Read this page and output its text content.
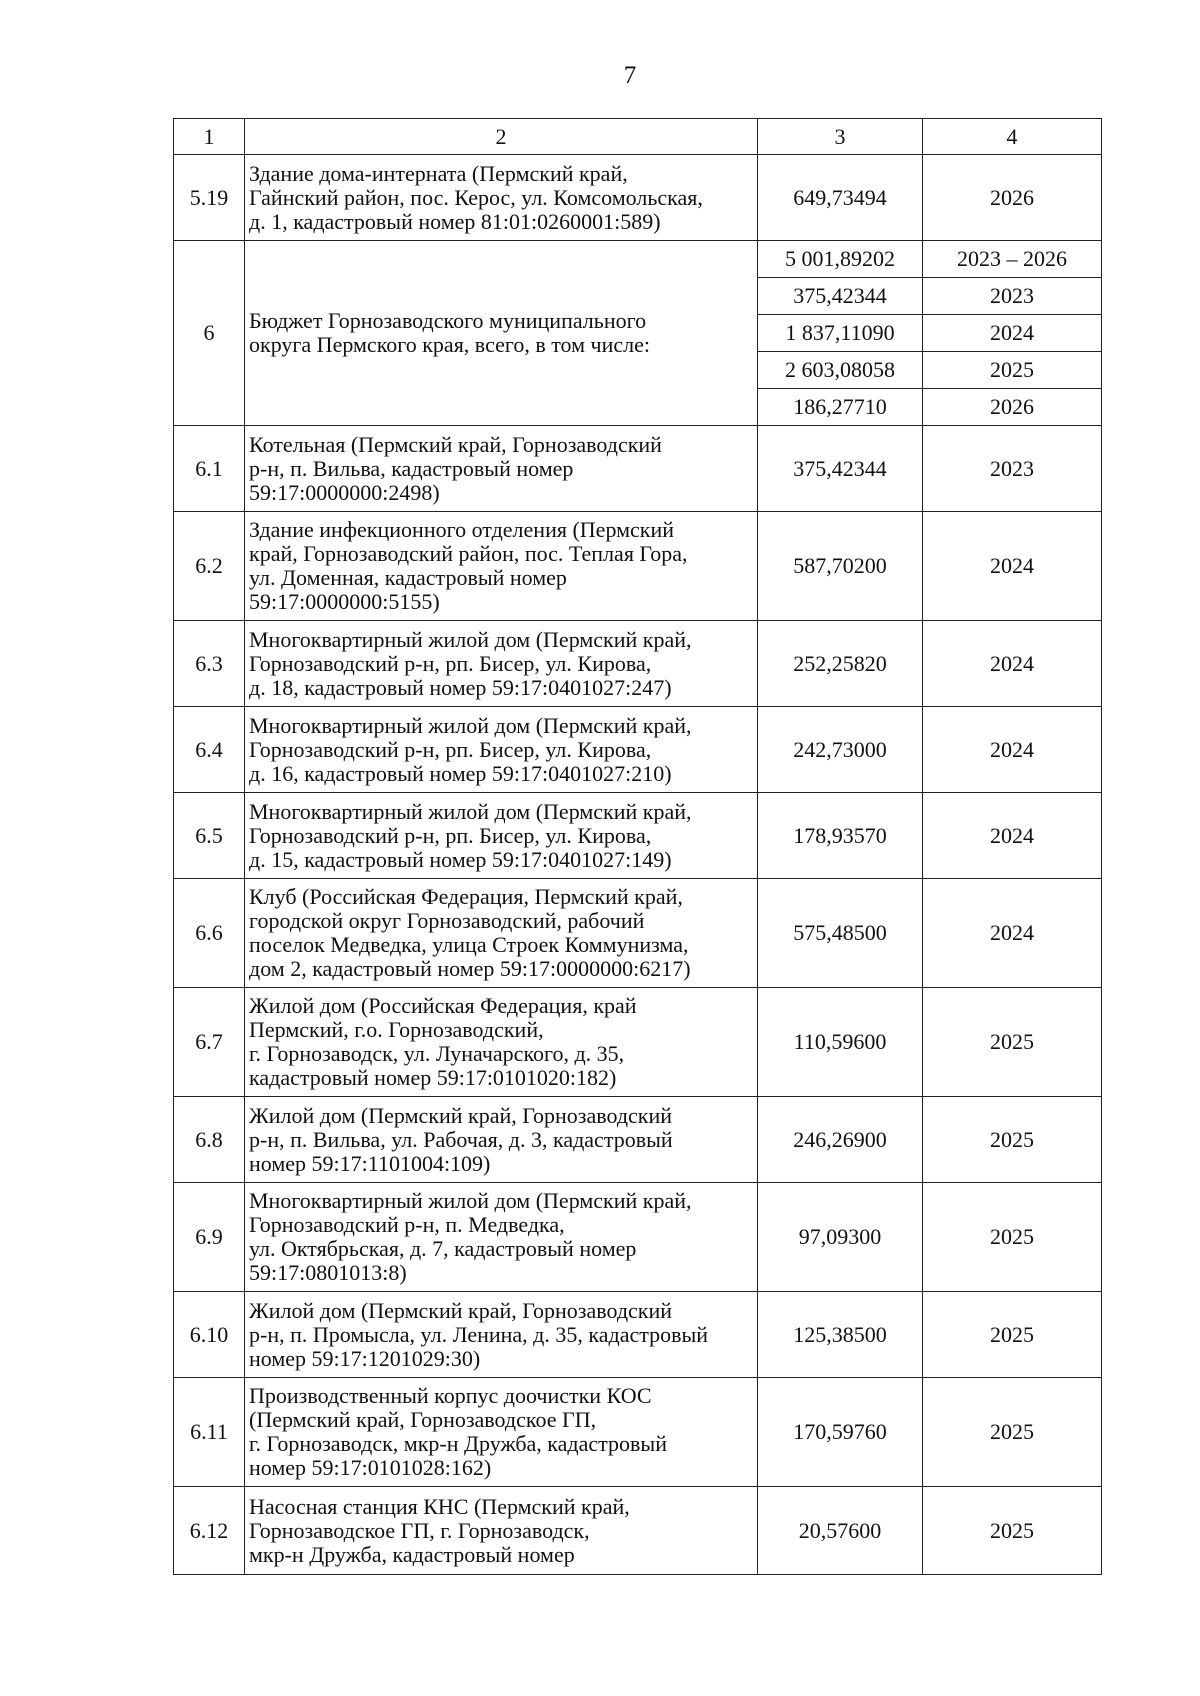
7
1	2	3	4
5.19	Здание дома-интерната (Пермский край,
Гайнский район, пос. Керос, ул. Комсомольская,
д. 1, кадастровый номер 81:01:0260001:589)	649,73494	2026
6	Бюджет Горнозаводского муниципального
округа Пермского края, всего, в том числе:	5 001,89202	2023 – 2026
		375,42344	2023
		1 837,11090	2024
		2 603,08058	2025
		186,27710	2026
6.1	Котельная (Пермский край, Горнозаводский
р-н, п. Вильва, кадастровый номер
59:17:0000000:2498)	375,42344	2023
6.2	Здание инфекционного отделения (Пермский
край, Горнозаводский район, пос. Теплая Гора,
ул. Доменная, кадастровый номер
59:17:0000000:5155)	587,70200	2024
6.3	Многоквартирный жилой дом (Пермский край,
Горнозаводский р-н, рп. Бисер, ул. Кирова,
д. 18, кадастровый номер 59:17:0401027:247)	252,25820	2024
6.4	Многоквартирный жилой дом (Пермский край,
Горнозаводский р-н, рп. Бисер, ул. Кирова,
д. 16, кадастровый номер 59:17:0401027:210)	242,73000	2024
6.5	Многоквартирный жилой дом (Пермский край,
Горнозаводский р-н, рп. Бисер, ул. Кирова,
д. 15, кадастровый номер 59:17:0401027:149)	178,93570	2024
6.6	Клуб (Российская Федерация, Пермский край,
городской округ Горнозаводский, рабочий
поселок Медведка, улица Строек Коммунизма,
дом 2, кадастровый номер 59:17:0000000:6217)	575,48500	2024
6.7	Жилой дом (Российская Федерация, край
Пермский, г.о. Горнозаводский,
г. Горнозаводск, ул. Луначарского, д. 35,
кадастровый номер 59:17:0101020:182)	110,59600	2025
6.8	Жилой дом (Пермский край, Горнозаводский
р-н, п. Вильва, ул. Рабочая, д. 3, кадастровый
номер 59:17:1101004:109)	246,26900	2025
6.9	Многоквартирный жилой дом (Пермский край,
Горнозаводский р-н, п. Медведка,
ул. Октябрьская, д. 7, кадастровый номер
59:17:0801013:8)	97,09300	2025
6.10	Жилой дом (Пермский край, Горнозаводский
р-н, п. Промысла, ул. Ленина, д. 35, кадастровый
номер 59:17:1201029:30)	125,38500	2025
6.11	Производственный корпус доочистки КОС
(Пермский край, Горнозаводское ГП,
г. Горнозаводск, мкр-н Дружба, кадастровый
номер 59:17:0101028:162)	170,59760	2025
6.12	Насосная станция КНС (Пермский край,
Горнозаводское ГП, г. Горнозаводск,
мкр-н Дружба, кадастровый номер	20,57600	2025
